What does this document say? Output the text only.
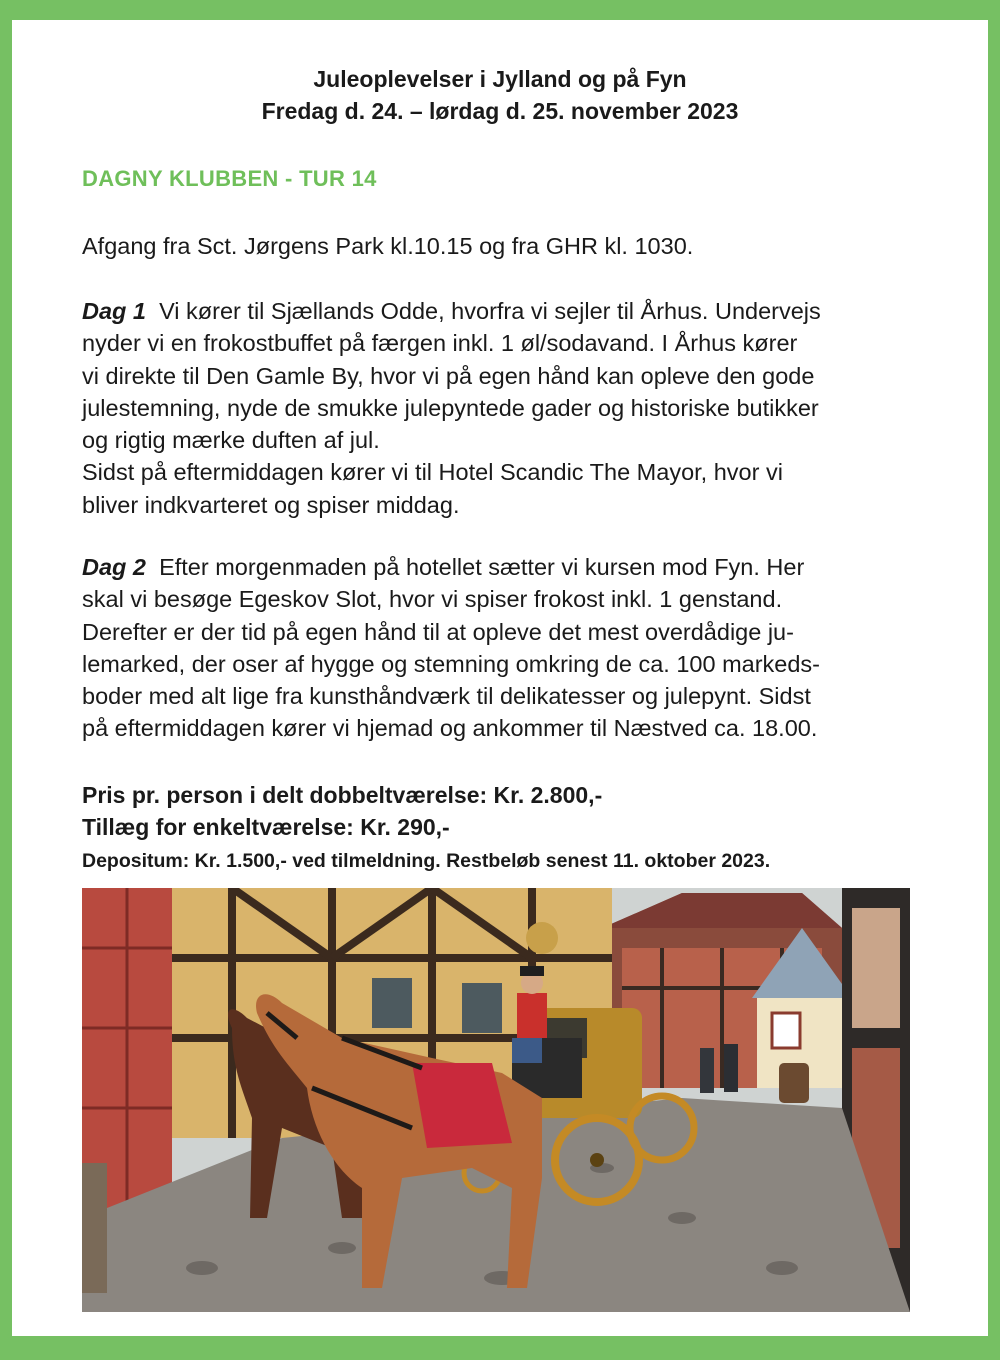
Juleoplevelser i Jylland og på Fyn
Fredag d. 24. – lørdag d. 25. november 2023
DAGNY KLUBBEN - TUR 14
Afgang fra Sct. Jørgens Park kl.10.15 og fra GHR kl. 1030.
Dag 1 Vi kører til Sjællands Odde, hvorfra vi sejler til Århus. Undervejs
nyder vi en frokostbuffet på færgen inkl. 1 øl/sodavand. I Århus kører
vi direkte til Den Gamle By, hvor vi på egen hånd kan opleve den gode
julestemning, nyde de smukke julepyntede gader og historiske butikker
og rigtig mærke duften af jul.
Sidst på eftermiddagen kører vi til Hotel Scandic The Mayor, hvor vi
bliver indkvarteret og spiser middag.
Dag 2 Efter morgenmaden på hotellet sætter vi kursen mod Fyn. Her
skal vi besøge Egeskov Slot, hvor vi spiser frokost inkl. 1 genstand.
Derefter er der tid på egen hånd til at opleve det mest overdådige ju-
lemarked, der oser af hygge og stemning omkring de ca. 100 markeds-
boder med alt lige fra kunsthåndværk til delikatesser og julepynt. Sidst
på eftermiddagen kører vi hjemad og ankommer til Næstved ca. 18.00.
Pris pr. person i delt dobbeltværelse: Kr. 2.800,-
Tillæg for enkeltværelse: Kr. 290,-
Depositum: Kr. 1.500,- ved tilmeldning. Restbeløb senest 11. oktober 2023.
